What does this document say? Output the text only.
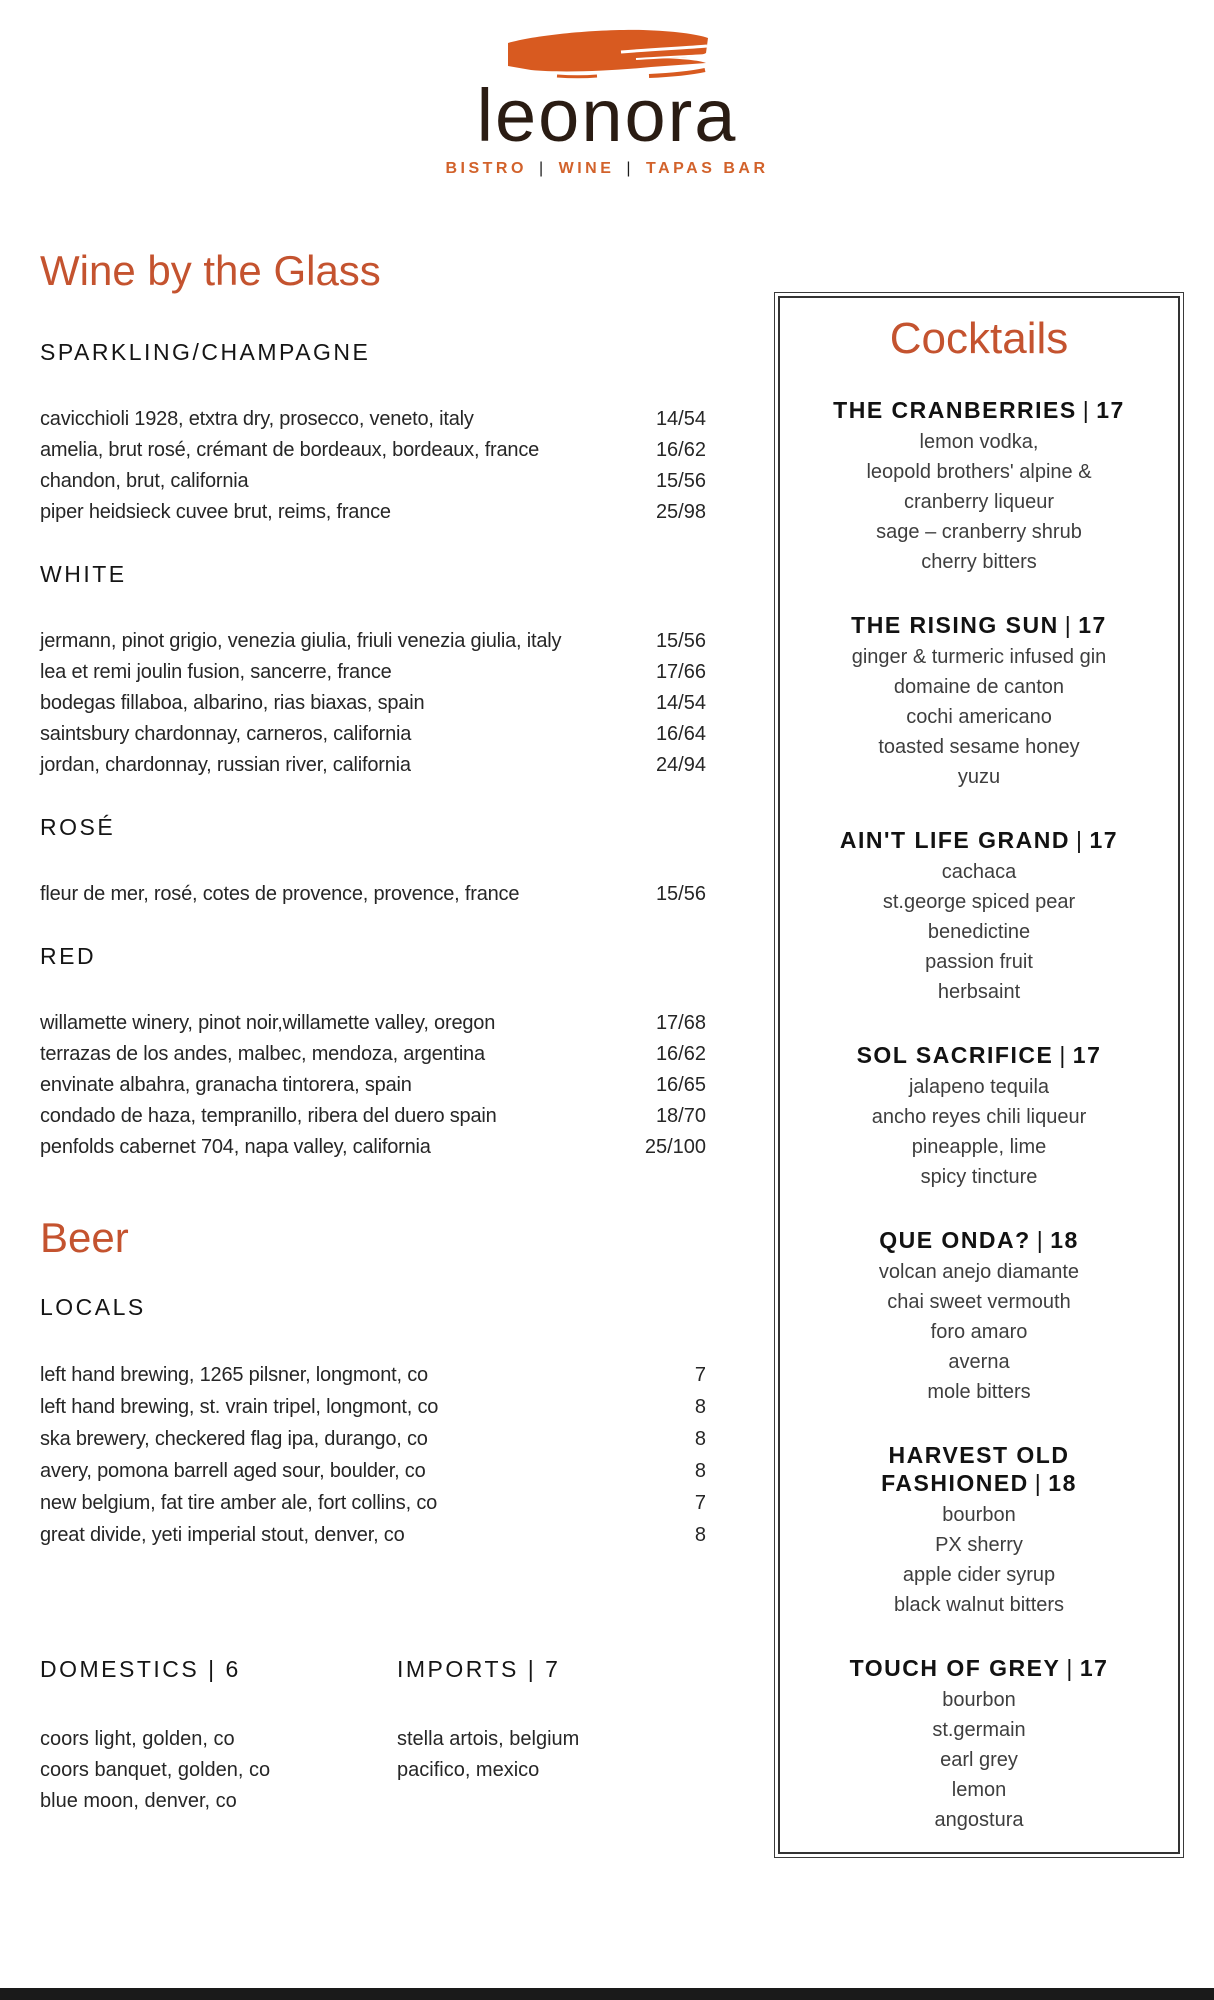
leonora
BISTRO | WINE | TAPAS BAR
Wine by the Glass
SPARKLING/CHAMPAGNE
cavicchioli 1928, etxtra dry, prosecco, veneto, italy	14/54
amelia, brut rosé, crémant de bordeaux, bordeaux, france	16/62
chandon, brut, california	15/56
piper heidsieck cuvee brut, reims, france	25/98
WHITE
jermann, pinot grigio, venezia giulia, friuli venezia giulia, italy	15/56
lea et remi joulin fusion, sancerre, france	17/66
bodegas fillaboa, albarino, rias biaxas, spain	14/54
saintsbury chardonnay, carneros, california	16/64
jordan, chardonnay, russian river, california	24/94
ROSÉ
fleur de mer, rosé, cotes de provence, provence, france	15/56
RED
willamette winery, pinot noir,willamette valley, oregon	17/68
terrazas de los andes, malbec, mendoza, argentina	16/62
envinate albahra, granacha tintorera, spain	16/65
condado de haza, tempranillo, ribera del duero spain	18/70
penfolds cabernet 704, napa valley, california	25/100
Beer
LOCALS
left hand brewing, 1265 pilsner, longmont, co	7
left hand brewing, st. vrain tripel, longmont, co	8
ska brewery, checkered flag ipa, durango, co	8
avery, pomona barrell aged sour, boulder, co	8
new belgium, fat tire amber ale, fort collins, co	7
great divide, yeti imperial stout, denver, co	8
DOMESTICS | 6
coors light, golden, co
coors banquet, golden, co
blue moon, denver, co
IMPORTS | 7
stella artois, belgium
pacifico, mexico
Cocktails
THE CRANBERRIES | 17
lemon vodka,
leopold brothers' alpine &
cranberry liqueur
sage – cranberry shrub
cherry bitters
THE RISING SUN | 17
ginger & turmeric infused gin
domaine de canton
cochi americano
toasted sesame honey
yuzu
AIN'T LIFE GRAND | 17
cachaca
st.george spiced pear
benedictine
passion fruit
herbsaint
SOL SACRIFICE | 17
jalapeno tequila
ancho reyes chili liqueur
pineapple, lime
spicy tincture
QUE ONDA? | 18
volcan anejo diamante
chai sweet vermouth
foro amaro
averna
mole bitters
HARVEST OLD FASHIONED | 18
bourbon
PX sherry
apple cider syrup
black walnut bitters
TOUCH OF GREY | 17
bourbon
st.germain
earl grey
lemon
angostura
